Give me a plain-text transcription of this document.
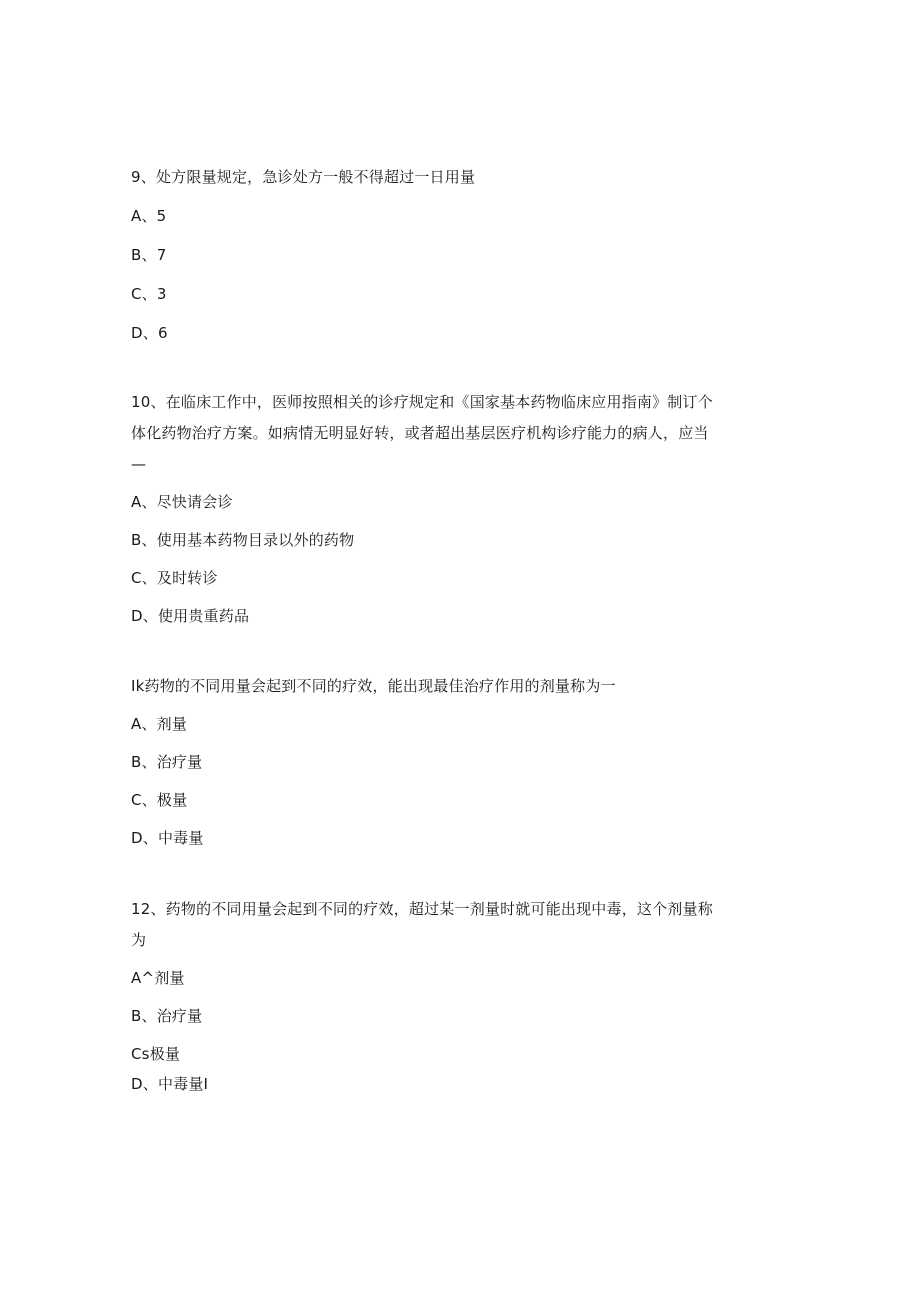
9、处方限量规定，急诊处方一般不得超过一日用量
A、5
B、7
C、3
D、6
10、在临床工作中，医师按照相关的诊疗规定和《国家基本药物临床应用指南》制订个
体化药物治疗方案。如病情无明显好转，或者超出基层医疗机构诊疗能力的病人，应当
—
A、尽快请会诊
B、使用基本药物目录以外的药物
C、及时转诊
D、使用贵重药品
Ik药物的不同用量会起到不同的疗效，能出现最佳治疗作用的剂量称为一
A、剂量
B、治疗量
C、极量
D、中毒量
12、药物的不同用量会起到不同的疗效，超过某一剂量时就可能出现中毒，这个剂量称
为
A^剂量
B、治疗量
Cs极量
D、中毒量I
